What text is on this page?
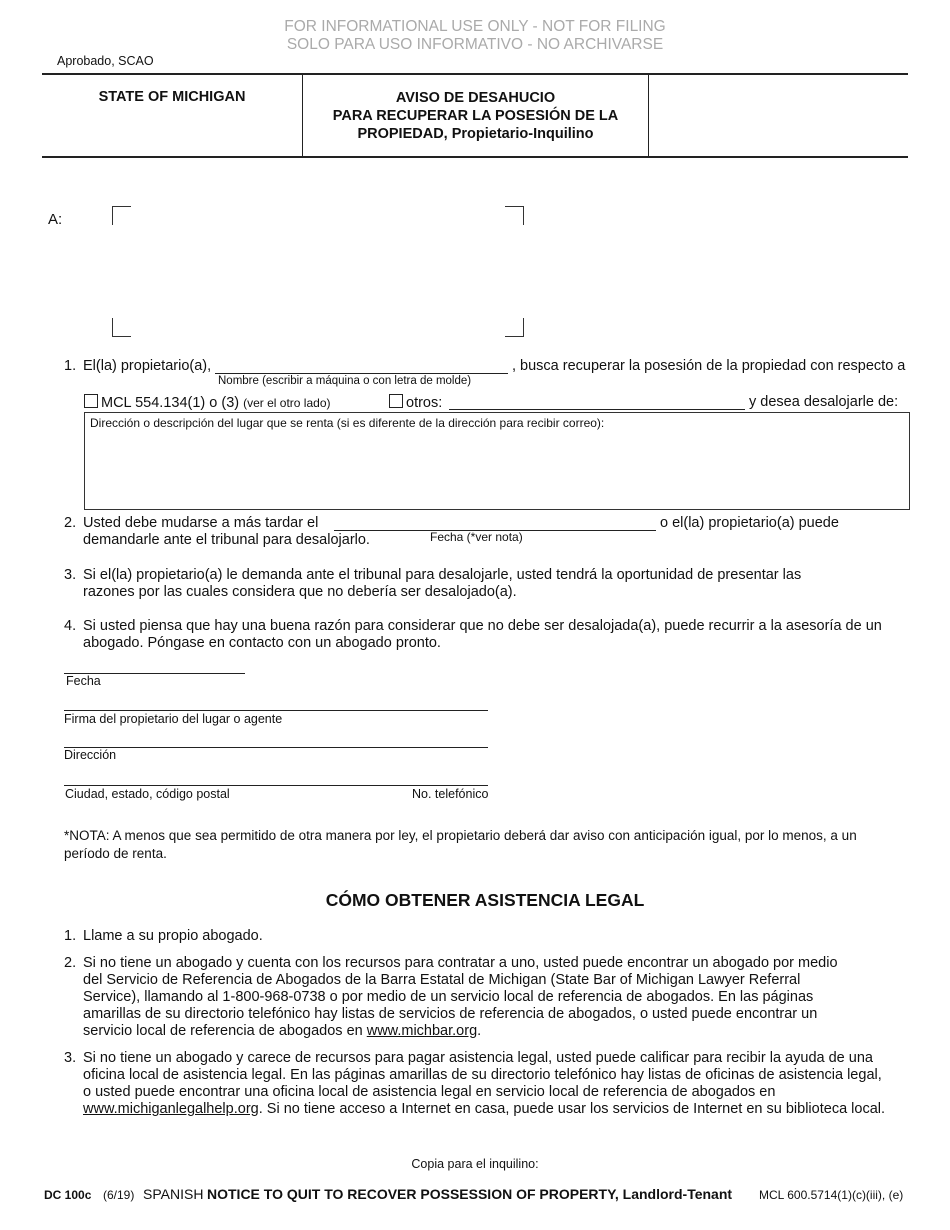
FOR INFORMATIONAL USE ONLY - NOT FOR FILING
SOLO PARA USO INFORMATIVO - NO ARCHIVARSE
Aprobado, SCAO
STATE OF MICHIGAN	AVISO DE DESAHUCIO
PARA RECUPERAR LA POSESIÓN DE LA
PROPIEDAD, Propietario-Inquilino
A:
1. El(la) propietario(a),	, busca recuperar la posesión de la propiedad con respecto a
Nombre (escribir a máquina o con letra de molde)
MCL 554.134(1) o (3) (ver el otro lado)	otros:	y desea desalojarle de:
Dirección o descripción del lugar que se renta (si es diferente de la dirección para recibir correo):
2. Usted debe mudarse a más tardar el	o el(la) propietario(a) puede
demandarle ante el tribunal para desalojarlo.	Fecha (*ver nota)
3. Si el(la) propietario(a) le demanda ante el tribunal para desalojarle, usted tendrá la oportunidad de presentar las
razones por las cuales considera que no debería ser desalojado(a).
4. Si usted piensa que hay una buena razón para considerar que no debe ser desalojada(a), puede recurrir a la asesoría de un
abogado. Póngase en contacto con un abogado pronto.
Fecha
Firma del propietario del lugar o agente
Dirección
Ciudad, estado, código postal	No. telefónico
*NOTA: A menos que sea permitido de otra manera por ley, el propietario deberá dar aviso con anticipación igual, por lo menos, a un
período de renta.
CÓMO OBTENER ASISTENCIA LEGAL
1. Llame a su propio abogado.
2. Si no tiene un abogado y cuenta con los recursos para contratar a uno, usted puede encontrar un abogado por medio
del Servicio de Referencia de Abogados de la Barra Estatal de Michigan (State Bar of Michigan Lawyer Referral
Service), llamando al 1-800-968-0738 o por medio de un servicio local de referencia de abogados. En las páginas
amarillas de su directorio telefónico hay listas de servicios de referencia de abogados, o usted puede encontrar un
servicio local de referencia de abogados en www.michbar.org.
3. Si no tiene un abogado y carece de recursos para pagar asistencia legal, usted puede calificar para recibir la ayuda de una
oficina local de asistencia legal. En las páginas amarillas de su directorio telefónico hay listas de oficinas de asistencia legal,
o usted puede encontrar una oficina local de asistencia legal en servicio local de referencia de abogados en
www.michiganlegalhelp.org. Si no tiene acceso a Internet en casa, puede usar los servicios de Internet en su biblioteca local.
Copia para el inquilino:
DC 100c (6/19) SPANISH NOTICE TO QUIT TO RECOVER POSSESSION OF PROPERTY, Landlord-Tenant MCL 600.5714(1)(c)(iii), (e)
